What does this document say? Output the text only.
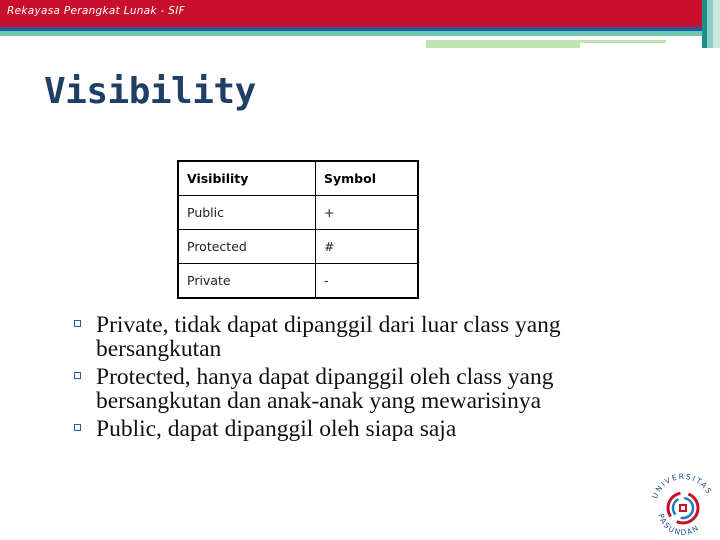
Rekayasa Perangkat Lunak - SIF
Visibility
Visibility	Symbol
Public	+
Protected	#
Private	-
Private, tidak dapat dipanggil dari luar class yang bersangkutan
Protected, hanya dapat dipanggil oleh class yang bersangkutan dan anak-anak yang mewarisinya
Public, dapat dipanggil oleh siapa saja
UNIVERSITAS
PASUNDAN
